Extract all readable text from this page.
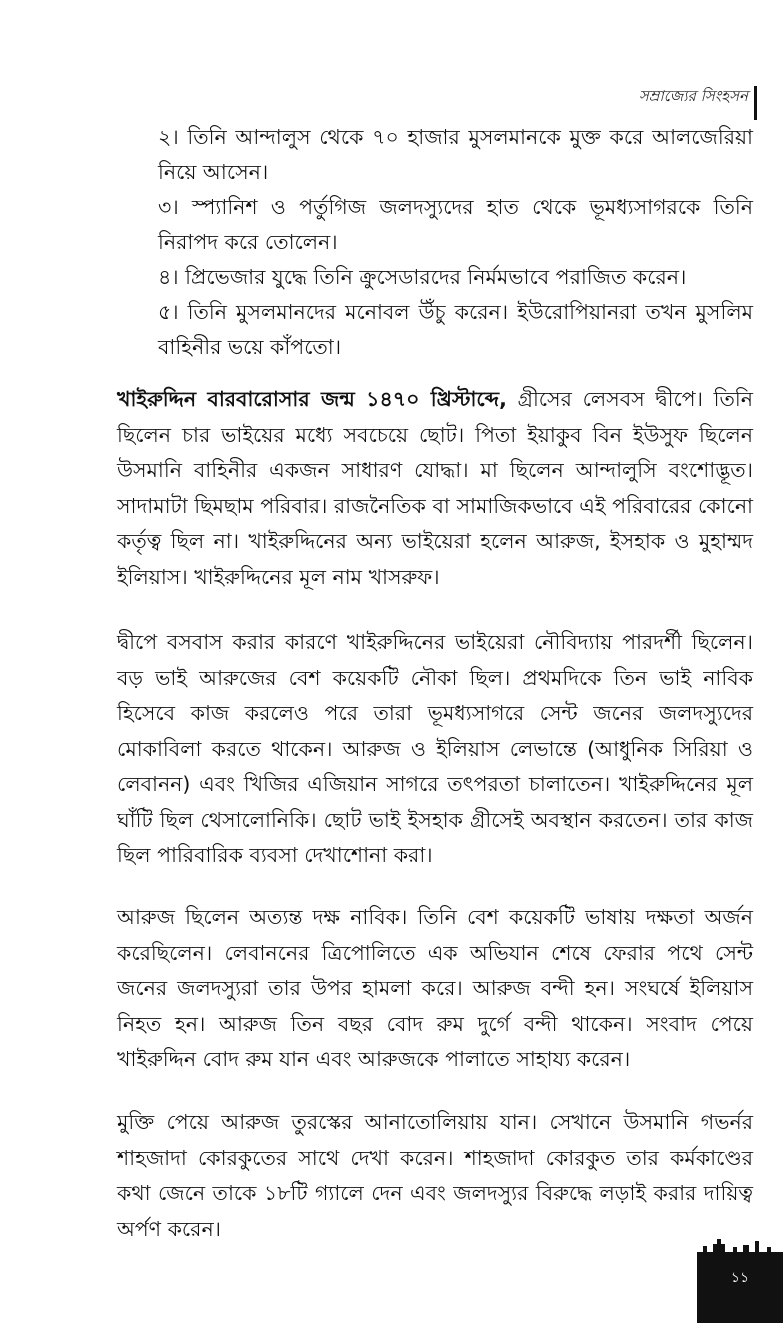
সম্রাজ্যের সিংহসন

২। তিনি আন্দালুস থেকে ৭০ হাজার মুসলমানকে মুক্ত করে আলজেরিয়া নিয়ে আসেন।

৩। স্প্যানিশ ও পর্তুগিজ জলদস্যুদের হাত থেকে ভূমধ্যসাগরকে তিনি নিরাপদ করে তোলেন।

৪। প্রিভেজার যুদ্ধে তিনি ক্রুসেডারদের নির্মমভাবে পরাজিত করেন।

৫। তিনি মুসলমানদের মনোবল উঁচু করেন। ইউরোপিয়ানরা তখন মুসলিম বাহিনীর ভয়ে কাঁপতো।

খাইরুদ্দিন বারবারোসার জন্ম ১৪৭০ খ্রিস্টাব্দে, গ্রীসের লেসবস দ্বীপে। তিনি ছিলেন চার ভাইয়ের মধ্যে সবচেয়ে ছোট। পিতা ইয়াকুব বিন ইউসুফ ছিলেন উসমানি বাহিনীর একজন সাধারণ যোদ্ধা। মা ছিলেন আন্দালুসি বংশোদ্ভূত। সাদামাটা ছিমছাম পরিবার। রাজনৈতিক বা সামাজিকভাবে এই পরিবারের কোনো কর্তৃত্ব ছিল না। খাইরুদ্দিনের অন্য ভাইয়েরা হলেন আরুজ, ইসহাক ও মুহাম্মদ ইলিয়াস। খাইরুদ্দিনের মূল নাম খাসরুফ।

দ্বীপে বসবাস করার কারণে খাইরুদ্দিনের ভাইয়েরা নৌবিদ্যায় পারদর্শী ছিলেন। বড় ভাই আরুজের বেশ কয়েকটি নৌকা ছিল। প্রথমদিকে তিন ভাই নাবিক হিসেবে কাজ করলেও পরে তারা ভূমধ্যসাগরে সেন্ট জনের জলদস্যুদের মোকাবিলা করতে থাকেন। আরুজ ও ইলিয়াস লেভান্তে (আধুনিক সিরিয়া ও লেবানন) এবং খিজির এজিয়ান সাগরে তৎপরতা চালাতেন। খাইরুদ্দিনের মূল ঘাঁটি ছিল থেসালোনিকি। ছোট ভাই ইসহাক গ্রীসেই অবস্থান করতেন। তার কাজ ছিল পারিবারিক ব্যবসা দেখাশোনা করা।

আরুজ ছিলেন অত্যন্ত দক্ষ নাবিক। তিনি বেশ কয়েকটি ভাষায় দক্ষতা অর্জন করেছিলেন। লেবাননের ত্রিপোলিতে এক অভিযান শেষে ফেরার পথে সেন্ট জনের জলদস্যুরা তার উপর হামলা করে। আরুজ বন্দী হন। সংঘর্ষে ইলিয়াস নিহত হন। আরুজ তিন বছর বোদ রুম দুর্গে বন্দী থাকেন। সংবাদ পেয়ে খাইরুদ্দিন বোদ রুম যান এবং আরুজকে পালাতে সাহায্য করেন।

মুক্তি পেয়ে আরুজ তুরস্কের আনাতোলিয়ায় যান। সেখানে উসমানি গভর্নর শাহজাদা কোরকুতের সাথে দেখা করেন। শাহজাদা কোরকুত তার কর্মকাণ্ডের কথা জেনে তাকে ১৮টি গ্যালে দেন এবং জলদস্যুর বিরুদ্ধে লড়াই করার দায়িত্ব অর্পণ করেন।

১১
